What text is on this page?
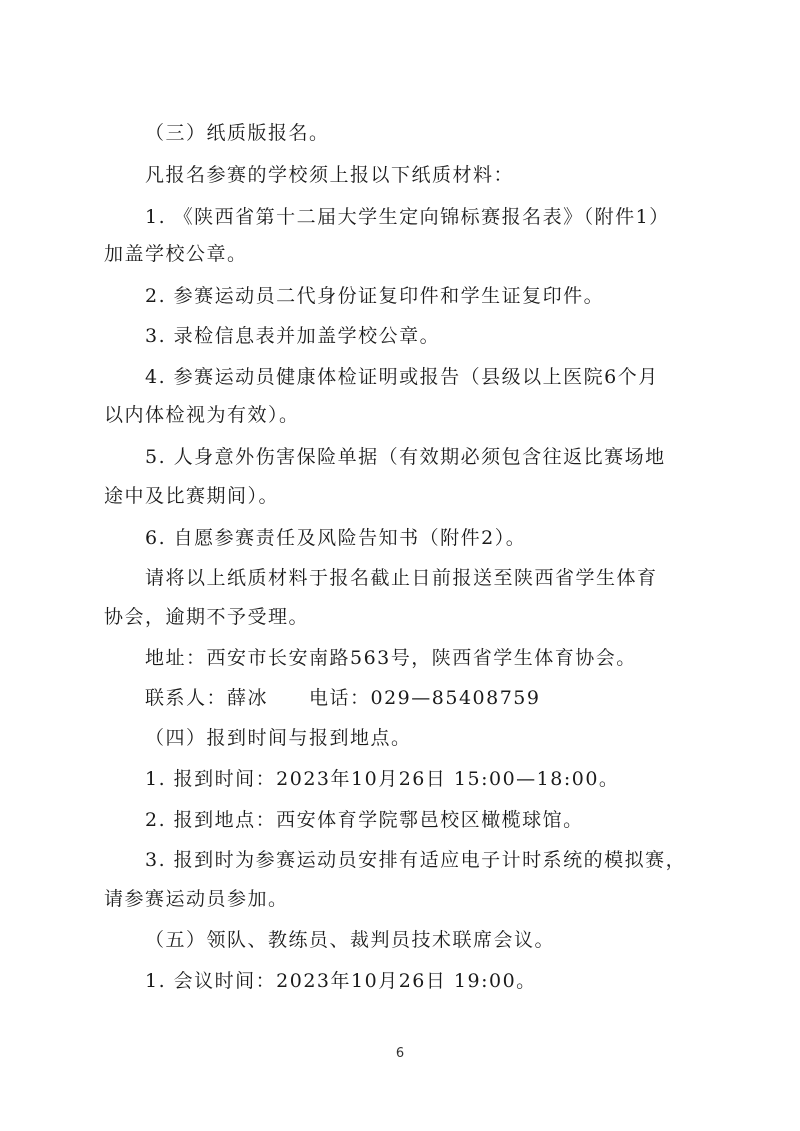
（三）纸质版报名。
凡报名参赛的学校须上报以下纸质材料：
1. 《陕西省第十二届大学生定向锦标赛报名表》（附件1）
加盖学校公章。
2. 参赛运动员二代身份证复印件和学生证复印件。
3. 录检信息表并加盖学校公章。
4. 参赛运动员健康体检证明或报告（县级以上医院6个月
以内体检视为有效）。
5. 人身意外伤害保险单据（有效期必须包含往返比赛场地
途中及比赛期间）。
6. 自愿参赛责任及风险告知书（附件2）。
请将以上纸质材料于报名截止日前报送至陕西省学生体育
协会，逾期不予受理。
地址：西安市长安南路563号，陕西省学生体育协会。
联系人：薛冰　　电话：029—85408759
（四）报到时间与报到地点。
1. 报到时间：2023年10月26日 15:00—18:00。
2. 报到地点：西安体育学院鄠邑校区橄榄球馆。
3. 报到时为参赛运动员安排有适应电子计时系统的模拟赛，
请参赛运动员参加。
（五）领队、教练员、裁判员技术联席会议。
1. 会议时间：2023年10月26日 19:00。
6
